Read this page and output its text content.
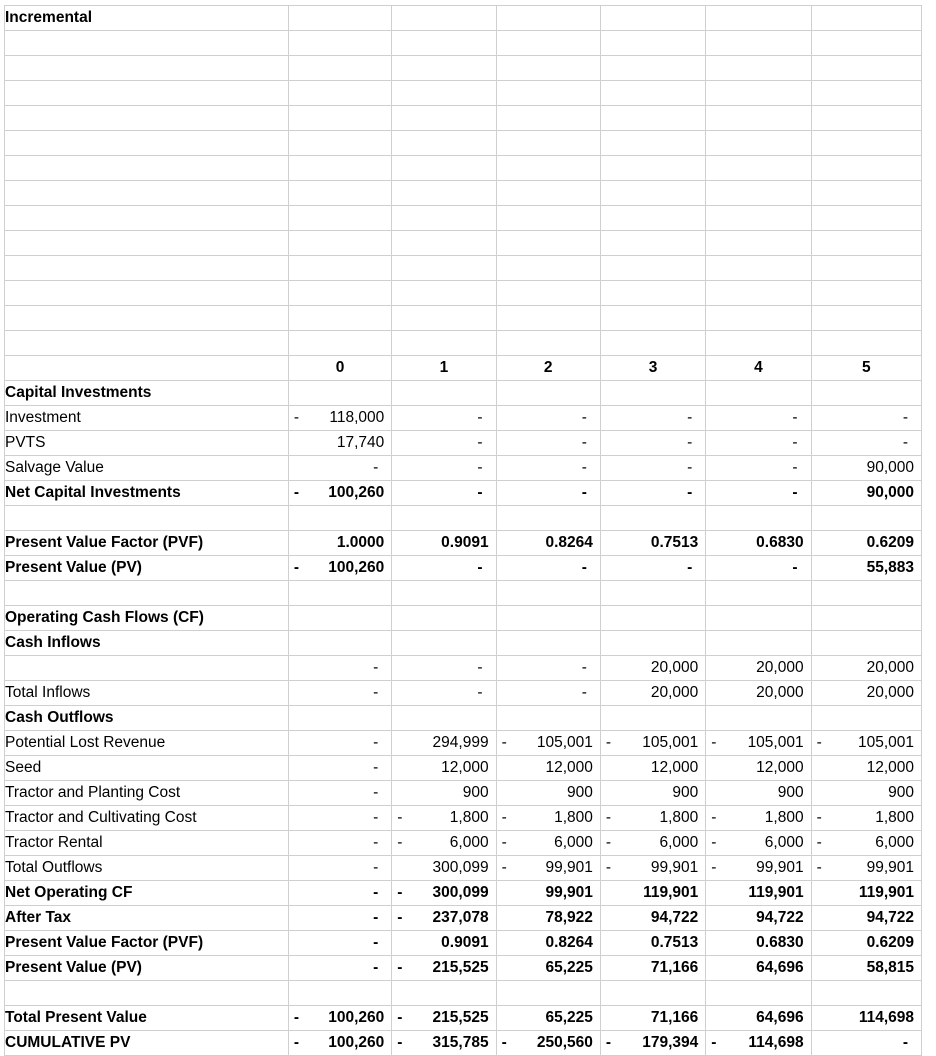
Incremental						

	0	1	2	3	4	5

Capital Investments						
Investment	- 118,000	-	-	-	-	-

PVTS	17,740	-	-	-	-	-

Salvage Value	-	-	-	-	-	90,000

Net Capital Investments	- 100,260	-	-	-	-	90,000

Present Value Factor (PVF)	1.0000	0.9091	0.8264	0.7513	0.6830	0.6209

Present Value (PV)	- 100,260	-	-	-	-	55,883

Operating Cash Flows (CF)						
Cash Inflows						

	-	-	-	20,000	20,000	20,000

Total Inflows	-	-	-	20,000	20,000	20,000

Cash Outflows						
Potential Lost Revenue	-	294,999	- 105,001	- 105,001	- 105,001	- 105,001

Seed	-	12,000	12,000	12,000	12,000	12,000

Tractor and Planting Cost	-	900	900	900	900	900

Tractor and Cultivating Cost	-	- 1,800	- 1,800	- 1,800	- 1,800	- 1,800

Tractor Rental	-	- 6,000	- 6,000	- 6,000	- 6,000	- 6,000

Total Outflows	-	300,099	- 99,901	- 99,901	- 99,901	- 99,901

Net Operating CF	-	- 300,099	99,901	119,901	119,901	119,901

After Tax	-	- 237,078	78,922	94,722	94,722	94,722

Present Value Factor (PVF)	-	0.9091	0.8264	0.7513	0.6830	0.6209

Present Value (PV)	-	- 215,525	65,225	71,166	64,696	58,815

Total Present Value	- 100,260	- 215,525	65,225	71,166	64,696	114,698

CUMULATIVE PV	- 100,260	- 315,785	- 250,560	- 179,394	- 114,698	-
